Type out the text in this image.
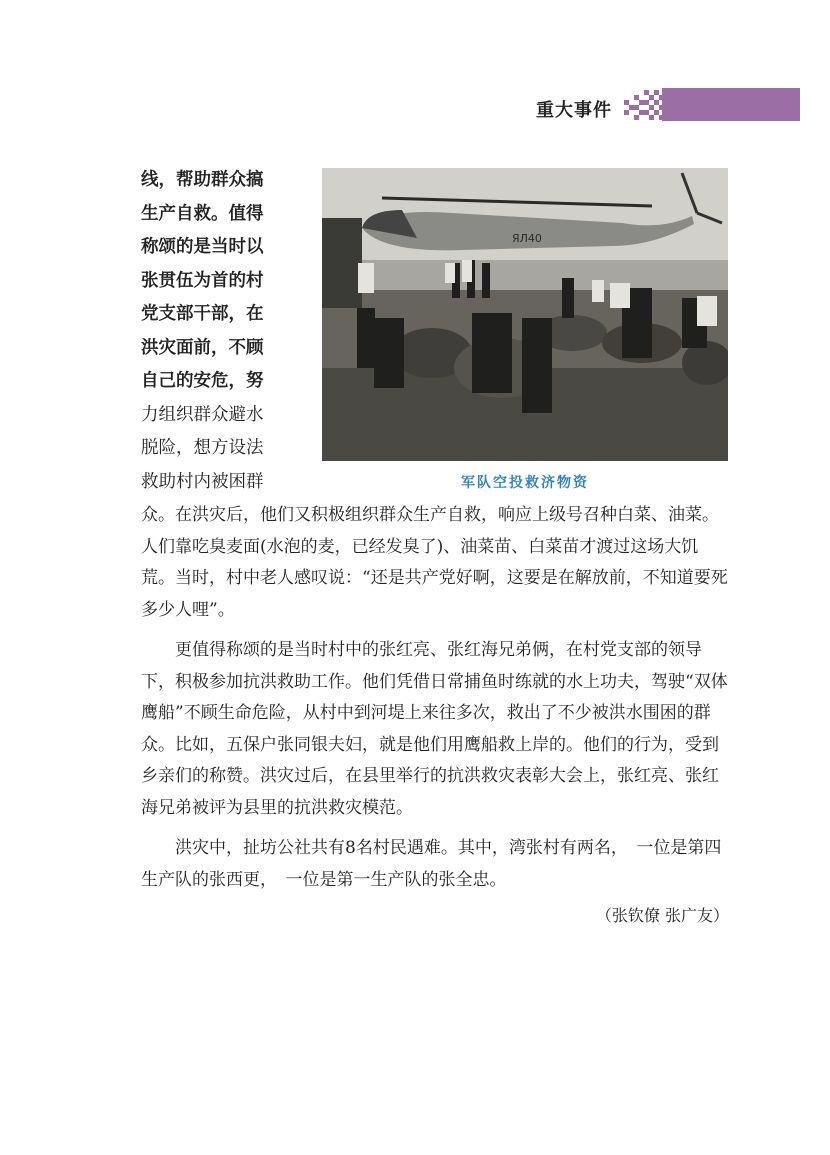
重大事件
ЯЛ40
军队空投救济物资
线，帮助群众搞
生产自救。值得
称颂的是当时以
张贯伍为首的村
党支部干部，在
洪灾面前，不顾
自己的安危，努
力组织群众避水
脱险，想方设法
救助村内被困群

众。在洪灾后，他们又积极组织群众生产自救，响应上级号召种白菜、油菜。人们靠吃臭麦面(水泡的麦，已经发臭了)、油菜苗、白菜苗才渡过这场大饥荒。当时，村中老人感叹说：“还是共产党好啊，这要是在解放前，不知道要死多少人哩”。

更值得称颂的是当时村中的张红亮、张红海兄弟俩，在村党支部的领导下，积极参加抗洪救助工作。他们凭借日常捕鱼时练就的水上功夫，驾驶“双体鹰船”不顾生命危险，从村中到河堤上来往多次，救出了不少被洪水围困的群众。比如，五保户张同银夫妇，就是他们用鹰船救上岸的。他们的行为，受到乡亲们的称赞。洪灾过后，在县里举行的抗洪救灾表彰大会上，张红亮、张红海兄弟被评为县里的抗洪救灾模范。

洪灾中，扯坊公社共有8名村民遇难。其中，湾张村有两名，　一位是第四生产队的张西更，　一位是第一生产队的张全忠。

（张钦僚 张广友）
